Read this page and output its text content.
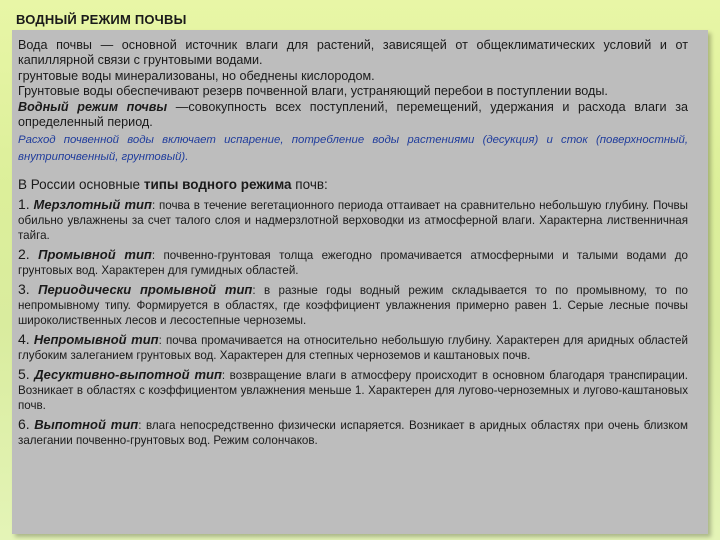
ВОДНЫЙ РЕЖИМ ПОЧВЫ

Вода почвы — основной источник влаги для растений, зависящей от общеклиматических условий и от капиллярной связи с грунтовыми водами.

грунтовые воды минерализованы, но обеднены кислородом.

Грунтовые воды обеспечивают резерв почвенной влаги, устраняющий перебои в поступлении воды.

Водный режим почвы —совокупность всех поступлений, перемещений, удержания и расхода влаги за определенный период.

Расход почвенной воды включает испарение, потребление воды растениями (десукция) и сток (поверхностный, внутрипочвенный, грунтовый).

В России основные типы водного режима почв:

1. Мерзлотный тип: почва в течение вегетационного периода оттаивает на сравнительно небольшую глубину. Почвы обильно увлажнены за счет талого слоя и надмерзлотной верховодки из атмосферной влаги. Характерна лиственничная тайга.

2. Промывной тип: почвенно-грунтовая толща ежегодно промачивается атмосферными и талыми водами до грунтовых вод. Характерен для гумидных областей.

3. Периодически промывной тип: в разные годы водный режим складывается то по промывному, то по непромывному типу. Формируется в областях, где коэффициент увлажнения примерно равен 1. Серые лесные почвы широколиственных лесов и лесостепные черноземы.

4. Непромывной тип: почва промачивается на относительно небольшую глубину. Характерен для аридных областей глубоким залеганием грунтовых вод. Характерен для степных черноземов и каштановых почв.

5. Десуктивно-выпотной тип: возвращение влаги в атмосферу происходит в основном благодаря транспирации. Возникает в областях с коэффициентом увлажнения меньше 1. Характерен для лугово-черноземных и лугово-каштановых почв.

6. Выпотной тип: влага непосредственно физически испаряется. Возникает в аридных областях при очень близком залегании почвенно-грунтовых вод. Режим солончаков.
